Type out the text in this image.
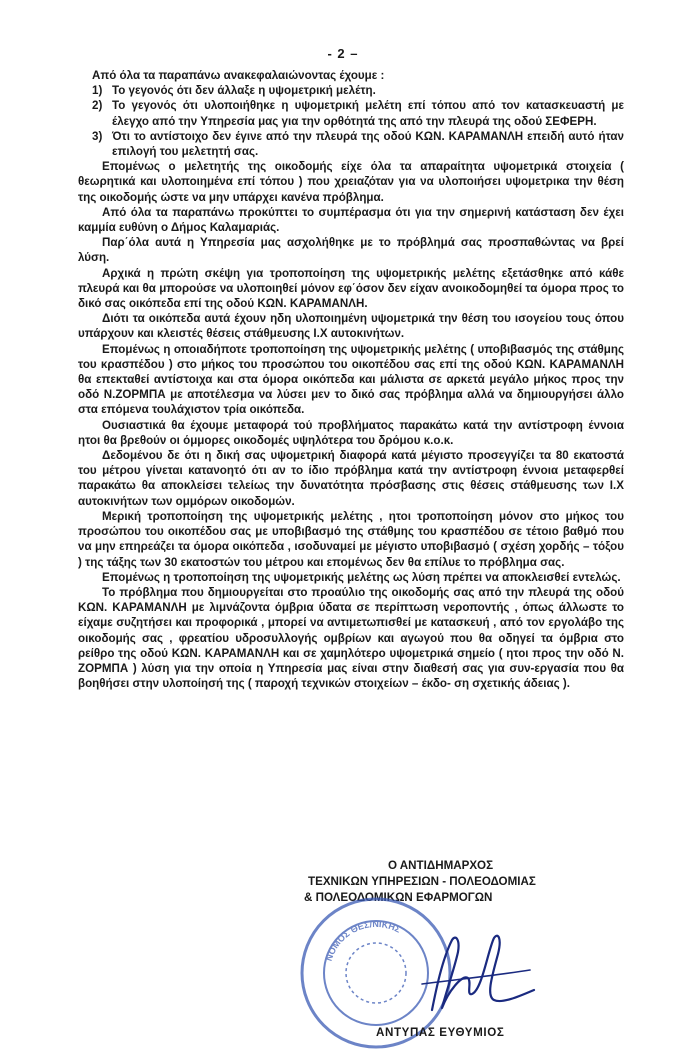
- 2 –

Από όλα τα παραπάνω ανακεφαλαιώνοντας έχουμε :

1) Το γεγονός ότι δεν άλλαξε η υψομετρική μελέτη.
2) Το γεγονός ότι υλοποιήθηκε η υψομετρική μελέτη επί τόπου από τον κατασκευαστή με έλεγχο από την Υπηρεσία μας για την ορθότητά της από την πλευρά της οδού ΣΕΦΕΡΗ.
3) Ότι το αντίστοιχο δεν έγινε από την πλευρά της οδού ΚΩΝ. ΚΑΡΑΜΑΝΛΗ επειδή αυτό ήταν επιλογή του μελετητή σας.

Επομένως ο μελετητής της οικοδομής είχε όλα τα απαραίτητα υψομετρικά στοιχεία ( θεωρητικά και υλοποιημένα επί τόπου ) που χρειαζόταν για να υλοποιήσει υψομετρικα την θέση της οικοδομής ώστε να μην υπάρχει κανένα πρόβλημα.

Από όλα τα παραπάνω προκύπτει το συμπέρασμα ότι για την σημερινή κατάσταση δεν έχει καμμία ευθύνη ο Δήμος Καλαμαριάς.

Παρ΄όλα αυτά η Υπηρεσία μας ασχολήθηκε με το πρόβλημά σας προσπαθώντας να βρεί λύση.

Αρχικά η πρώτη σκέψη για τροποποίηση της υψομετρικής μελέτης εξετάσθηκε από κάθε πλευρά και θα μπορούσε να υλοποιηθεί μόνον εφ΄όσον δεν είχαν ανοικοδομηθεί τα όμορα προς το δικό σας οικόπεδα επί της οδού ΚΩΝ. ΚΑΡΑΜΑΝΛΗ.

Διότι τα οικόπεδα αυτά έχουν ηδη υλοποιημένη υψομετρικά την θέση του ισογείου τους όπου υπάρχουν και κλειστές θέσεις στάθμευσης Ι.Χ αυτοκινήτων.

Επομένως η οποιαδήποτε τροποποίηση της υψομετρικής μελέτης ( υποβιβασμός της στάθμης του κρασπέδου ) στο μήκος του προσώπου του οικοπέδου σας επί της οδού ΚΩΝ. ΚΑΡΑΜΑΝΛΗ θα επεκταθεί αντίστοιχα και στα όμορα οικόπεδα και μάλιστα σε αρκετά μεγάλο μήκος προς την οδό Ν.ΖΟΡΜΠΑ με αποτέλεσμα να λύσει μεν το δικό σας πρόβλημα αλλά να δημιουργήσει άλλο στα επόμενα τουλάχιστον τρία οικόπεδα.

Ουσιαστικά θα έχουμε μεταφορά τού προβλήματος παρακάτω κατά την αντίστροφη έννοια ητοι θα βρεθούν οι όμμορες οικοδομές υψηλότερα του δρόμου κ.ο.κ.

Δεδομένου δε ότι η δική σας υψομετρική διαφορά κατά μέγιστο προσεγγίζει τα 80 εκατοστά του μέτρου γίνεται κατανοητό ότι αν το ίδιο πρόβλημα κατά την αντίστροφη έννοια μεταφερθεί παρακάτω θα αποκλείσει τελείως την δυνατότητα πρόσβασης στις θέσεις στάθμευσης των Ι.Χ αυτοκινήτων των ομμόρων οικοδομών.

Μερική τροποποίηση της υψομετρικής μελέτης , ητοι τροποποίηση μόνον στο μήκος του προσώπου του οικοπέδου σας με υποβιβασμό της στάθμης του κρασπέδου σε τέτοιο βαθμό που να μην επηρεάζει τα όμορα οικόπεδα , ισοδυναμεί με μέγιστο υποβιβασμό ( σχέση χορδής – τόξου ) της τάξης των 30 εκατοστών του μέτρου και επομένως δεν θα επίλυε το πρόβλημα σας.

Επομένως η τροποποίηση της υψομετρικής μελέτης ως λύση πρέπει να αποκλεισθεί εντελώς.

Το πρόβλημα που δημιουργείται στο προαύλιο της οικοδομής σας από την πλευρά της οδού ΚΩΝ. ΚΑΡΑΜΑΝΛΗ με λιμνάζοντα όμβρια ύδατα σε περίπτωση νεροποντής , όπως άλλωστε το είχαμε συζητήσει και προφορικά , μπορεί να αντιμετωπισθεί με κατασκευή , από τον εργολάβο της οικοδομής σας , φρεατίου υδροσυλλογής ομβρίων και αγωγού που θα οδηγεί τα όμβρια στο ρείθρο της οδού ΚΩΝ. ΚΑΡΑΜΑΝΛΗ και σε χαμηλότερο υψομετρικά σημείο ( ητοι προς την οδό Ν. ΖΟΡΜΠΑ ) λύση για την οποία η Υπηρεσία μας είναι στην διαθεσή σας για συν-εργασία που θα βοηθήσει στην υλοποίησή της ( παροχή τεχνικών στοιχείων – έκδο- ση σχετικής άδειας ).

Ο ΑΝΤΙΔΗΜΑΡΧΟΣ
ΤΕΧΝΙΚΩΝ ΥΠΗΡΕΣΙΩΝ - ΠΟΛΕΟΔΟΜΙΑΣ
& ΠΟΛΕΟΔΟΜΙΚΩΝ ΕΦΑΡΜΟΓΩΝ
ΝΟΜΟΣ ΘΕΣ/ΝΙΚΗΣ
ΑΝΤΥΠΑΣ ΕΥΘΥΜΙΟΣ
